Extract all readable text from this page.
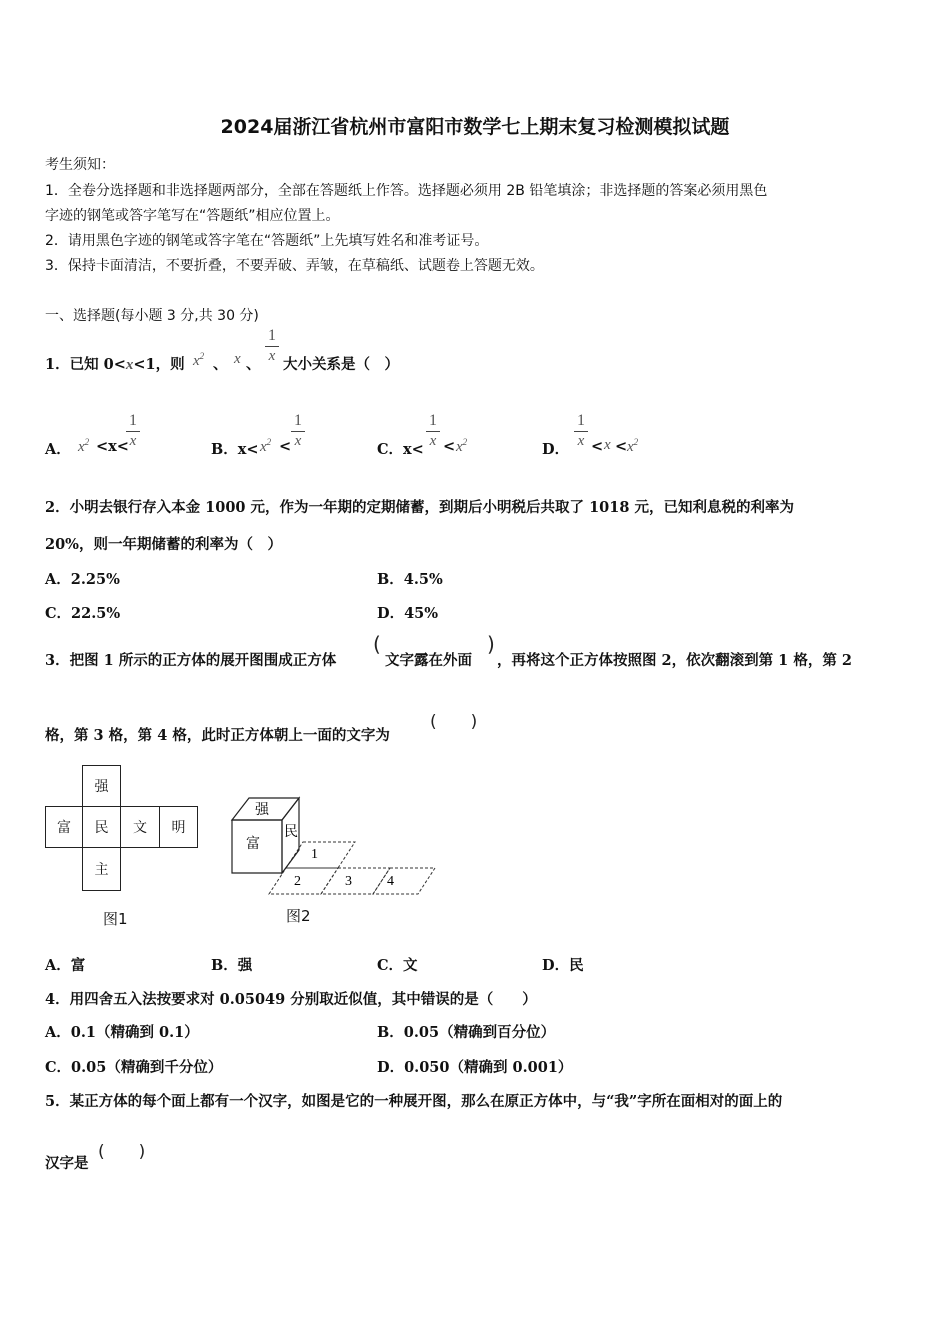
2024届浙江省杭州市富阳市数学七上期末复习检测模拟试题
考生须知：
1．全卷分选择题和非选择题两部分，全部在答题纸上作答。选择题必须用 2B 铅笔填涂；非选择题的答案必须用黑色
字迹的钢笔或答字笔写在“答题纸”相应位置上。
2．请用黑色字迹的钢笔或答字笔在“答题纸”上先填写姓名和准考证号。
3．保持卡面清洁，不要折叠，不要弄破、弄皱，在草稿纸、试题卷上答题无效。
一、选择题(每小题 3 分,共 30 分)
1．已知 0<x<1，则 $x^2$ 、 x 、
1
x 大小关系是（　）
A． $x^2 <x<$
1
x	B．$x< x^2$ <
1
x	C．x<
1
$x < x^2$	D．
1
$x < x < x^2$
2．小明去银行存入本金 1000 元，作为一年期的定期储蓄，到期后小明税后共取了 1018 元，已知利息税的利率为
20%，则一年期储蓄的利率为（　）
A．2.25%	B．4.5%
C．22.5%	D．45%
3．把图 1 所示的正方体的展开图围成正方体
(
文字露在外面
)
，再将这个正方体按照图 2，依次翻滚到第 1 格，第 2
格，第 3 格，第 4 格，此时正方体朝上一面的文字为
(　　)
强
富	民	文	明
主
图1
强
富
民
1
2	3	4
图2
A．富	B．强	C．文	D．民
4．用四舍五入法按要求对 0.05049 分别取近似值，其中错误的是（　　）
A．0.1（精确到 0.1）	B．0.05（精确到百分位）
C．0.05（精确到千分位）	D．0.050（精确到 0.001）
5．某正方体的每个面上都有一个汉字，如图是它的一种展开图，那么在原正方体中，与“我”字所在面相对的面上的
汉字是
(　　)
